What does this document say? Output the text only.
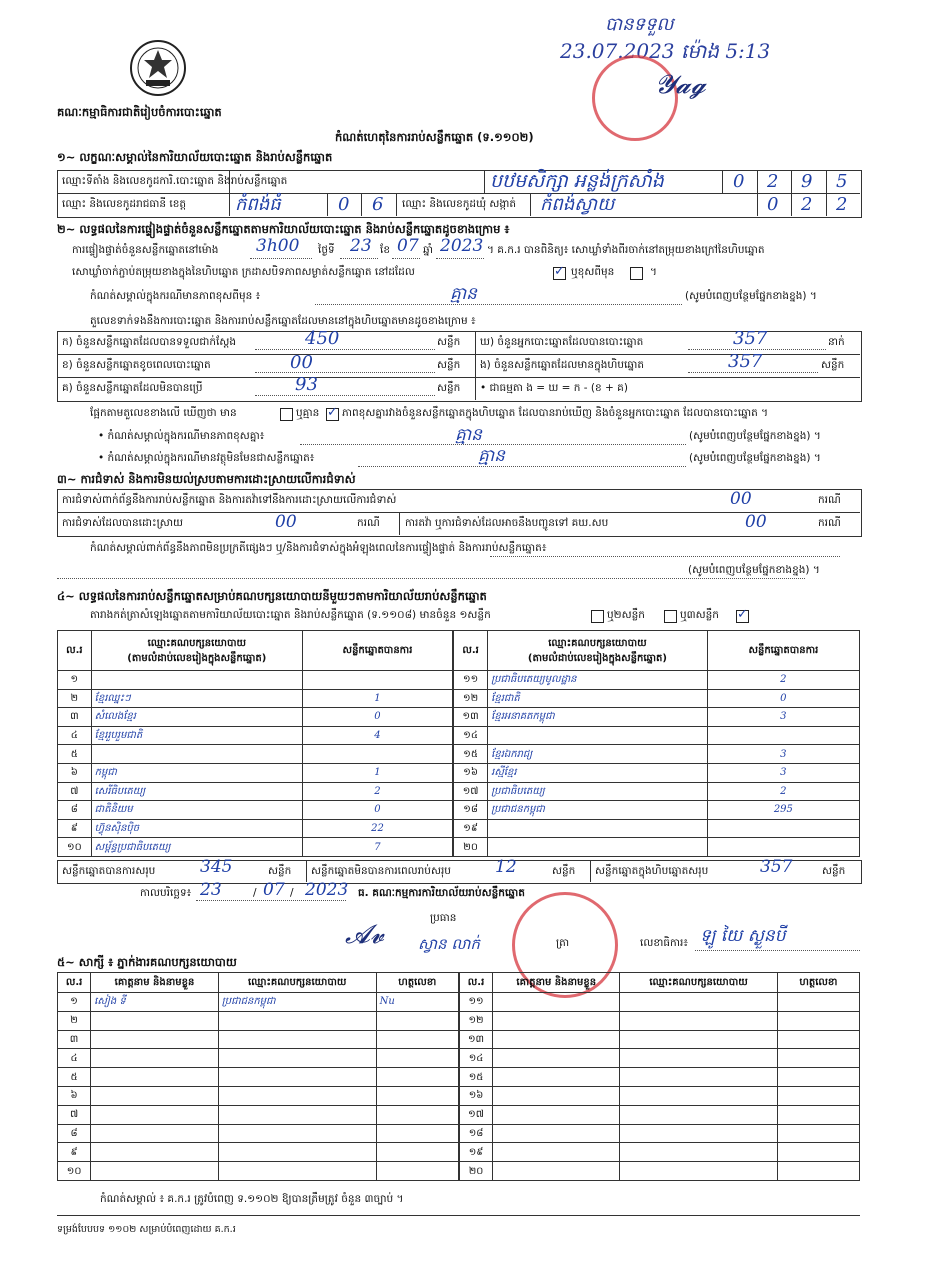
បានទទួល
23.07.2023 ម៉ោង 5:13
𝓨𝓪𝓰
គណៈកម្មាធិការជាតិរៀបចំការបោះឆ្នោត
កំណត់ហេតុនៃការរាប់សន្លឹកឆ្នោត (ទ.១១០២)
១~ លក្ខណៈសម្គាល់នៃការិយាល័យបោះឆ្នោត និងរាប់សន្លឹកឆ្នោត
ឈ្មោះទីតាំង និងលេខកូដការិ.បោះឆ្នោត និងរាប់សន្លឹកឆ្នោត	បឋមសិក្សា អន្លង់ក្រសាំង	0 2 9 5
ឈ្មោះ និងលេខកូដរាជធានី ខេត្ត	កំពង់ធំ	0 6 ឈ្មោះ និងលេខកូដឃុំ សង្កាត់ កំពង់ស្វាយ	0 2 2
២~ លទ្ធផលនៃការផ្ទៀងផ្ទាត់ចំនួនសន្លឹកឆ្នោតតាមការិយាល័យបោះឆ្នោត និងរាប់សន្លឹកឆ្នោតដូចខាងក្រោម ៖
ការផ្ទៀងផ្ទាត់ចំនួនសន្លឹកឆ្នោតនៅម៉ោង 3h00 ថ្ងៃទី 23 ខែ 07 ឆ្នាំ 2023 ។ គ.ក.រ បានពិនិត្យ៖ សោឃ្លាំទាំងពីរចាក់នៅតម្រុយខាងក្រៅនៃហិបឆ្នោត
សោឃ្លាំចាក់ភ្ជាប់តម្រុយខាងក្នុងនៃហិបឆ្នោត ក្រដាសបិទភាពសម្ងាត់សន្លឹកឆ្នោត នៅដដែល	✓ ឬខុសពីមុន	។
កំណត់សម្គាល់ក្នុងករណីមានភាពខុសពីមុន ៖	គ្មាន	(សូមបំពេញបន្ថែមផ្នែកខាងខ្នង) ។
តួលេខទាក់ទងនឹងការបោះឆ្នោត និងការរាប់សន្លឹកឆ្នោតដែលមាននៅក្នុងហិបឆ្នោតមានដូចខាងក្រោម ៖
ក) ចំនួនសន្លឹកឆ្នោតដែលបានទទួលជាក់ស្តែង	450	សន្លឹក ឃ) ចំនួនអ្នកបោះឆ្នោតដែលបានបោះឆ្នោត	357	នាក់
ខ) ចំនួនសន្លឹកឆ្នោតខូចពេលបោះឆ្នោត	00	សន្លឹក ង) ចំនួនសន្លឹកឆ្នោតដែលមានក្នុងហិបឆ្នោត	357	សន្លឹក
គ) ចំនួនសន្លឹកឆ្នោតដែលមិនបានប្រើ	93	សន្លឹក • ជាធម្មតា ង = ឃ = ក - (ខ + គ)
ផ្អែកតាមតួលេខខាងលើ ឃើញថា មាន	ឬគ្មាន ✓ ភាពខុសគ្នារវាងចំនួនសន្លឹកឆ្នោតក្នុងហិបឆ្នោត ដែលបានរាប់ឃើញ និងចំនួនអ្នកបោះឆ្នោត ដែលបានបោះឆ្នោត ។
• កំណត់សម្គាល់ក្នុងករណីមានភាពខុសគ្នា៖	គ្មាន	(សូមបំពេញបន្ថែមផ្នែកខាងខ្នង) ។
• កំណត់សម្គាល់ក្នុងករណីមានវត្ថុមិនមែនជាសន្លឹកឆ្នោត៖	គ្មាន	(សូមបំពេញបន្ថែមផ្នែកខាងខ្នង) ។
៣~ ការជំទាស់ និងការមិនយល់ស្របតាមការដោះស្រាយលើការជំទាស់
ការជំទាស់ពាក់ព័ន្ធនឹងការរាប់សន្លឹកឆ្នោត និងការតវ៉ាទៅនឹងការដោះស្រាយលើការជំទាស់	00	ករណី
ការជំទាស់ដែលបានដោះស្រាយ	00	ករណី ការតវ៉ា ឬការជំទាស់ដែលអាចនឹងបញ្ជូនទៅ គឃ.សប	00	ករណី
កំណត់សម្គាល់ពាក់ព័ន្ធនឹងភាពមិនប្រក្រតីផ្សេងៗ ឬ/និងការជំទាស់ក្នុងអំឡុងពេលនៃការផ្ទៀងផ្ទាត់ និងការរាប់សន្លឹកឆ្នោត៖
(សូមបំពេញបន្ថែមផ្នែកខាងខ្នង) ។
៤~ លទ្ធផលនៃការរាប់សន្លឹកឆ្នោតសម្រាប់គណបក្សនយោបាយនីមួយៗតាមការិយាល័យរាប់សន្លឹកឆ្នោត
តារាងកត់ត្រាសំឡេងឆ្នោតតាមការិយាល័យបោះឆ្នោត និងរាប់សន្លឹកឆ្នោត (ទ.១១០៨) មានចំនួន ១សន្លឹក	ឬ២សន្លឹក	ឬ៣សន្លឹក ✓
ល.រ	ឈ្មោះគណបក្សនយោបាយ
(តាមលំដាប់លេខរៀងក្នុងសន្លឹកឆ្នោត)	សន្លឹកឆ្នោតបានការ
១		
២	ខ្មែរឈ្នះៗ	1
៣	សំលេងខ្មែរ	0
៤	ខ្មែររួបរួមជាតិ	4
៥		
៦	កម្ពុជា	1
៧	សេរីធិបតេយ្យ	2
៨	ជាតិនិយម	0
៩	ហ៊្វុនស៊ិនប៉ិច	22
១០	សម្ព័ន្ធប្រជាធិបតេយ្យ	7
ល.រ	ឈ្មោះគណបក្សនយោបាយ
(តាមលំដាប់លេខរៀងក្នុងសន្លឹកឆ្នោត)	សន្លឹកឆ្នោតបានការ
១១	ប្រជាធិបតេយ្យមូលដ្ឋាន	2
១២	ខ្មែរជាតិ	0
១៣	ខ្មែរអនាគតកម្ពុជា	3
១៤		
១៥	ខ្មែរឯករាជ្យ	3
១៦	រស្មីខ្មែរ	3
១៧	ប្រជាធិបតេយ្យ	2
១៨	ប្រជាជនកម្ពុជា	295
១៩		
២០		
សន្លឹកឆ្នោតបានការសរុប	345	សន្លឹក សន្លឹកឆ្នោតមិនបានការពេលរាប់សរុប	12	សន្លឹក សន្លឹកឆ្នោតក្នុងហិបឆ្នោតសរុប	357	សន្លឹក
កាលបរិច្ឆេទ៖ 23	/ 07 / 2023 ធ. គណៈកម្មការការិយាល័យរាប់សន្លឹកឆ្នោត
ប្រធាន
𝓐𝓿 ស្វាន លាក់	ត្រា	លេខាធិការ៖ ឡូ យៃ ស្ងួនបី
៥~ សាក្សី ៖ ភ្នាក់ងារគណបក្សនយោបាយ
ល.រ	គោត្តនាម និងនាមខ្លួន	ឈ្មោះគណបក្សនយោបាយ	ហត្ថលេខា
១	សៀង ទី	ប្រជាជនកម្ពុជា	Nu
២			
៣			
៤			
៥			
៦			
៧			
៨			
៩			
១០			
ល.រ	គោត្តនាម និងនាមខ្លួន	ឈ្មោះគណបក្សនយោបាយ	ហត្ថលេខា
១១			
១២			
១៣			
១៤			
១៥			
១៦			
១៧			
១៨			
១៩			
២០			
កំណត់សម្គាល់ ៖ គ.ក.រ ត្រូវបំពេញ ទ.១១០២ ឱ្យបានត្រឹមត្រូវ ចំនួន ៣ច្បាប់ ។
ទម្រង់បែបបទ ១១០២ សម្រាប់បំពេញដោយ គ.ក.រ
